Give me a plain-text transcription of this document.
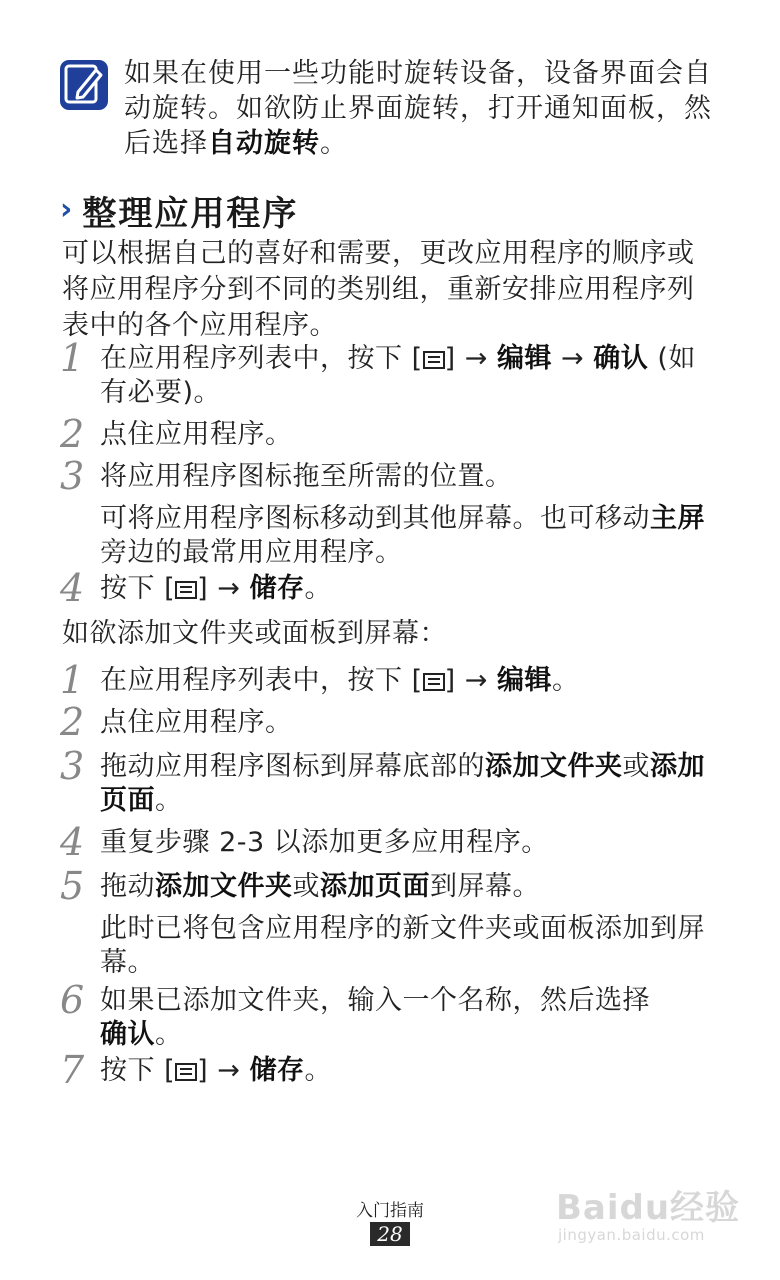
如果在使用一些功能时旋转设备，设备界面会自动旋转。如欲防止界面旋转，打开通知面板，然后选择自动旋转。
› 整理应用程序
可以根据自己的喜好和需要，更改应用程序的顺序或将应用程序分到不同的类别组，重新安排应用程序列表中的各个应用程序。
1 在应用程序列表中，按下 [ ] → 编辑 → 确认 (如有必要)。
2 点住应用程序。
3 将应用程序图标拖至所需的位置。
可将应用程序图标移动到其他屏幕。也可移动主屏旁边的最常用应用程序。
4 按下 [ ] → 储存。
如欲添加文件夹或面板到屏幕：
1 在应用程序列表中，按下 [ ] → 编辑。
2 点住应用程序。
3 拖动应用程序图标到屏幕底部的添加文件夹或添加页面。
4 重复步骤 2-3 以添加更多应用程序。
5 拖动添加文件夹或添加页面到屏幕。
此时已将包含应用程序的新文件夹或面板添加到屏幕。
6 如果已添加文件夹，输入一个名称，然后选择
确认。
7 按下 [ ] → 储存。
入门指南
28
Baidu经验
jingyan.baidu.com
